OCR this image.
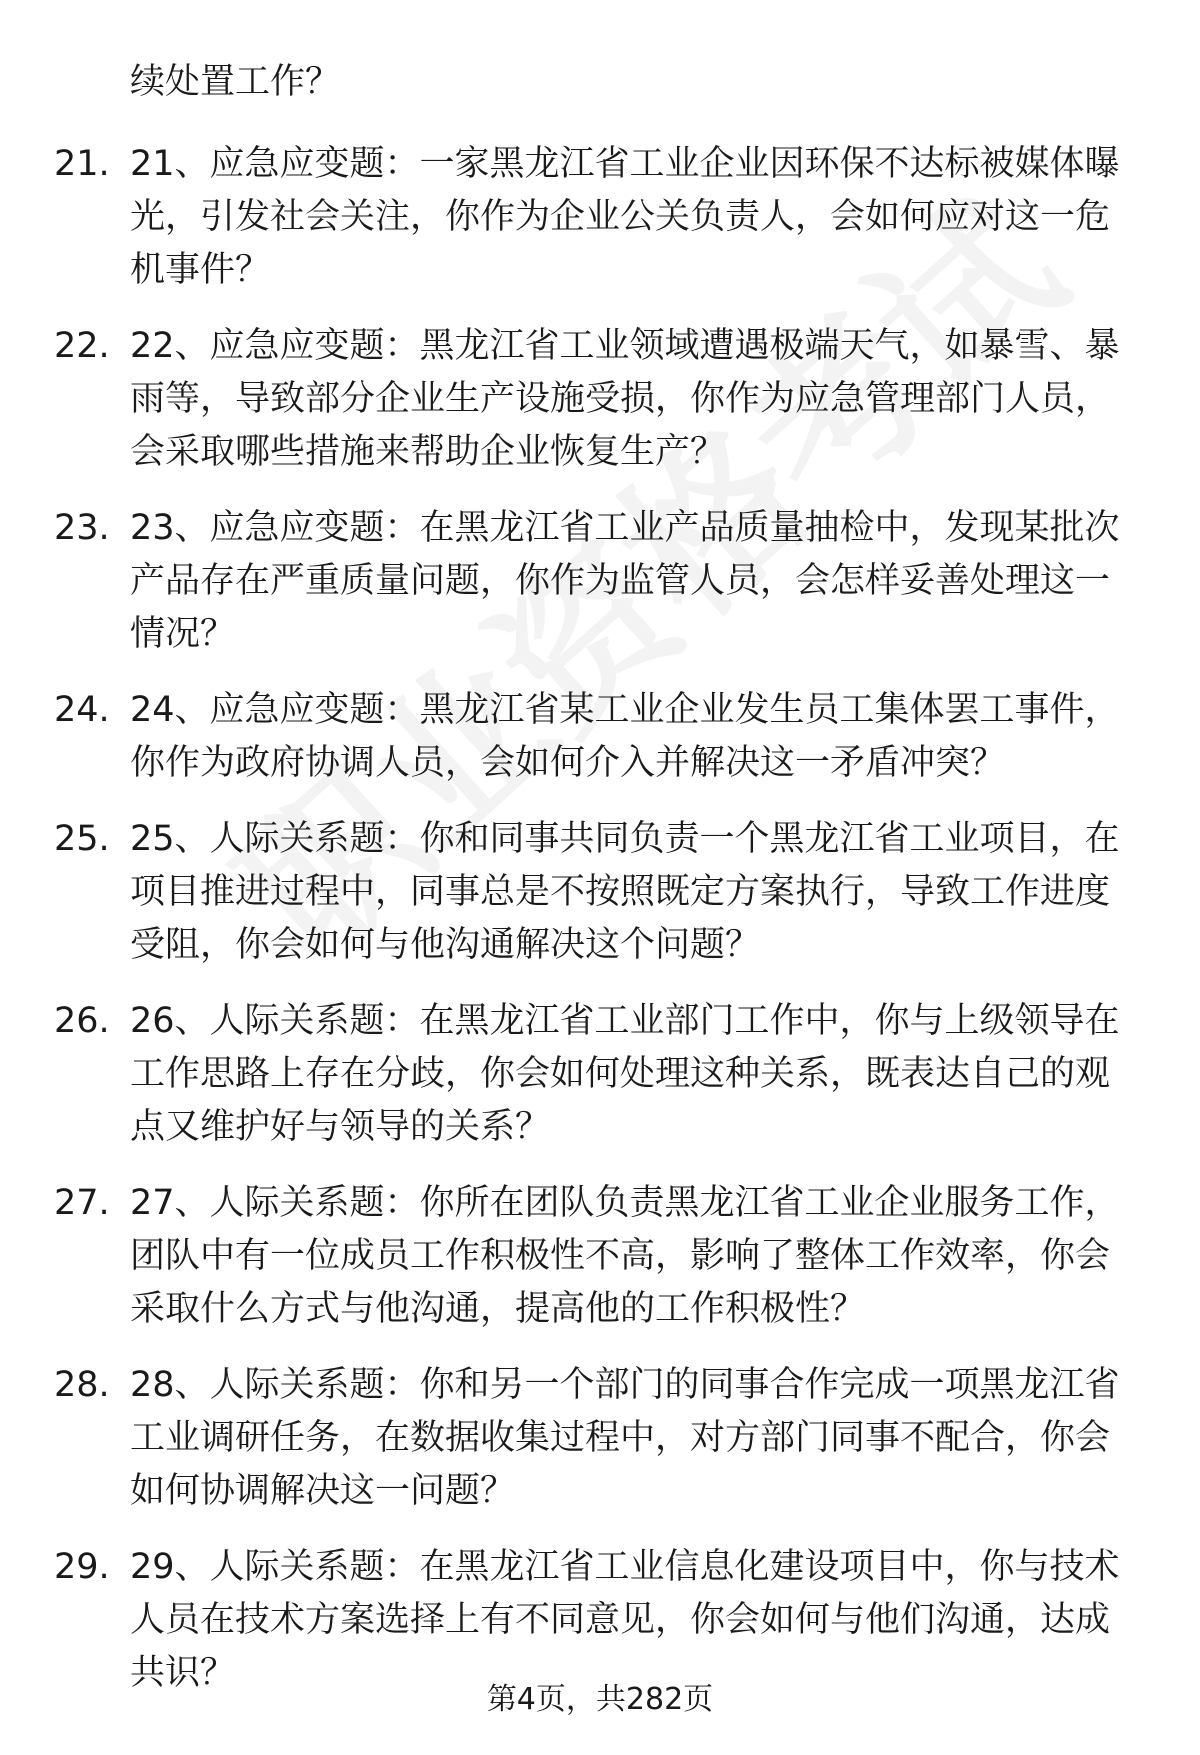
续处置工作？
21. 21、应急应变题：一家黑龙江省工业企业因环保不达标被媒体曝
光，引发社会关注，你作为企业公关负责人，会如何应对这一危
机事件？
22. 22、应急应变题：黑龙江省工业领域遭遇极端天气，如暴雪、暴
雨等，导致部分企业生产设施受损，你作为应急管理部门人员，
会采取哪些措施来帮助企业恢复生产？
23. 23、应急应变题：在黑龙江省工业产品质量抽检中，发现某批次
产品存在严重质量问题，你作为监管人员，会怎样妥善处理这一
情况？
24. 24、应急应变题：黑龙江省某工业企业发生员工集体罢工事件，
你作为政府协调人员，会如何介入并解决这一矛盾冲突？
25. 25、人际关系题：你和同事共同负责一个黑龙江省工业项目，在
项目推进过程中，同事总是不按照既定方案执行，导致工作进度
受阻，你会如何与他沟通解决这个问题？
26. 26、人际关系题：在黑龙江省工业部门工作中，你与上级领导在
工作思路上存在分歧，你会如何处理这种关系，既表达自己的观
点又维护好与领导的关系？
27. 27、人际关系题：你所在团队负责黑龙江省工业企业服务工作，
团队中有一位成员工作积极性不高，影响了整体工作效率，你会
采取什么方式与他沟通，提高他的工作积极性？
28. 28、人际关系题：你和另一个部门的同事合作完成一项黑龙江省
工业调研任务，在数据收集过程中，对方部门同事不配合，你会
如何协调解决这一问题？
29. 29、人际关系题：在黑龙江省工业信息化建设项目中，你与技术
人员在技术方案选择上有不同意见，你会如何与他们沟通，达成
共识？
第4页，共282页
